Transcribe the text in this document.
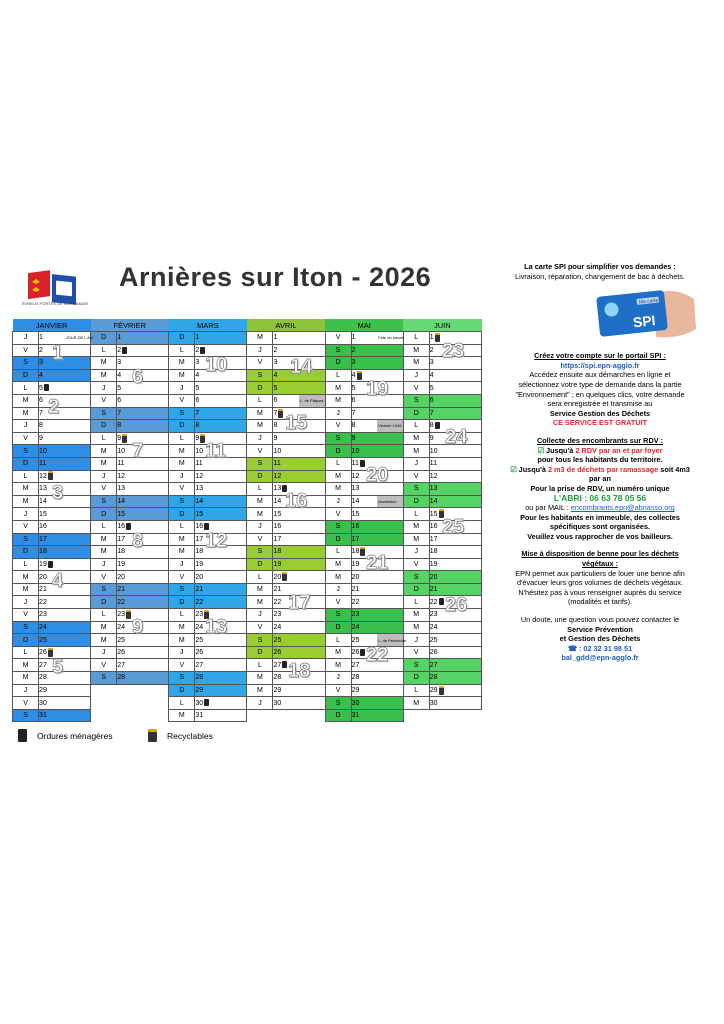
ÉVREUX PORTES DE NORMANDIE
Arnières sur Iton - 2026
JANVIER			FÉVRIER			MARS			AVRIL			MAI			JUIN		
J	1	JOUR DE L'AN	D	1		D	1		M	1		V	1	Fête du travail	L	1	
V	2		L	2		L	2		J	2		S	2		M	2	
S	3		M	3		M	3		V	3		D	3		M	3	
D	4		M	4		M	4		S	4		L	4		J	4	
L	5		J	5		J	5		D	5		M	5		V	5	
M	6		V	6		V	6		L	6	L. de Pâques	M	6		S	6	
M	7		S	7		S	7		M	7		J	7		D	7	
J	8		D	8		D	8		M	8		V	8	Victoire 1945	L	8	
V	9		L	9		L	9		J	9		S	9		M	9	
S	10		M	10		M	10		V	10		D	10		M	10	
D	11		M	11		M	11		S	11		L	11		J	11	
L	12		J	12		J	12		D	12		M	12		V	12	
M	13		V	13		V	13		L	13		M	13		S	13	
M	14		S	14		S	14		M	14		J	14	Ascension	D	14	
J	15		D	15		D	15		M	15		V	15		L	15	
V	16		L	16		L	16		J	16		S	16		M	16	
S	17		M	17		M	17		V	17		D	17		M	17	
D	18		M	18		M	18		S	18		L	18		J	18	
L	19		J	19		J	19		D	19		M	19		V	19	
M	20		V	20		V	20		L	20		M	20		S	20	
M	21		S	21		S	21		M	21		J	21		D	21	
J	22		D	22		D	22		M	22		V	22		L	22	
V	23		L	23		L	23		J	23		S	23		M	23	
S	24		M	24		M	24		V	24		D	24		M	24	
D	25		M	25		M	25		S	25		L	25	L. de Pentecôte	J	25	
L	26		J	26		J	26		D	26		M	26		V	26	
M	27		V	27		V	27		L	27		M	27		S	27	
M	28		S	28		S	28		M	28		J	28		D	28	
J	29					D	29		M	29		V	29		L	29	
V	30					L	30		J	30		S	30		M	30	
S	31					M	31					D	31				
1
2
3
4
5
6
7
8
9
10
11
12
13
14
15
16
17
18
19
20
21
22
23
24
25
26
Ordures ménagères	Recyclables
SPI
Ma carte

La carte SPI pour simplifier vos demandes :

Livraison, réparation, changement de bac à déchets.

Créez votre compte sur le portail SPI :

https://spi.epn-agglo.fr

Accédez ensuite aux démarches en ligne et

sélectionnez votre type de demande dans la partie

"Environnement" ; en quelques clics, votre demande

sera enregistrée et transmise au

Service Gestion des Déchets

CE SERVICE EST GRATUIT

Collecte des encombrants sur RDV :

☑ Jusqu'à 2 RDV par an et par foyer

pour tous les habitants du territoire.

☑ Jusqu'à 2 m3 de déchets par ramassage soit 4m3

par an

Pour la prise de RDV, un numéro unique

L'ABRI : 06 63 78 05 56

ou par MAIL : encombrants.epn@abriasso.org

Pour les habitants en immeuble, des collectes

spécifiques sont organisées.

Veuillez vous rapprocher de vos bailleurs.

Mise à disposition de benne pour les déchets

végétaux :

EPN permet aux particuliers de louer une benne afin

d'évacuer leurs gros volumes de déchets végétaux.

N'hésitez pas à vous renseigner auprès du service

(modalités et tarifs).

Un doute, une question vous pouvez contacter le

Service Prévention

et Gestion des Déchets

☎ : 02 32 31 98 51

bal_gdd@epn-agglo.fr
